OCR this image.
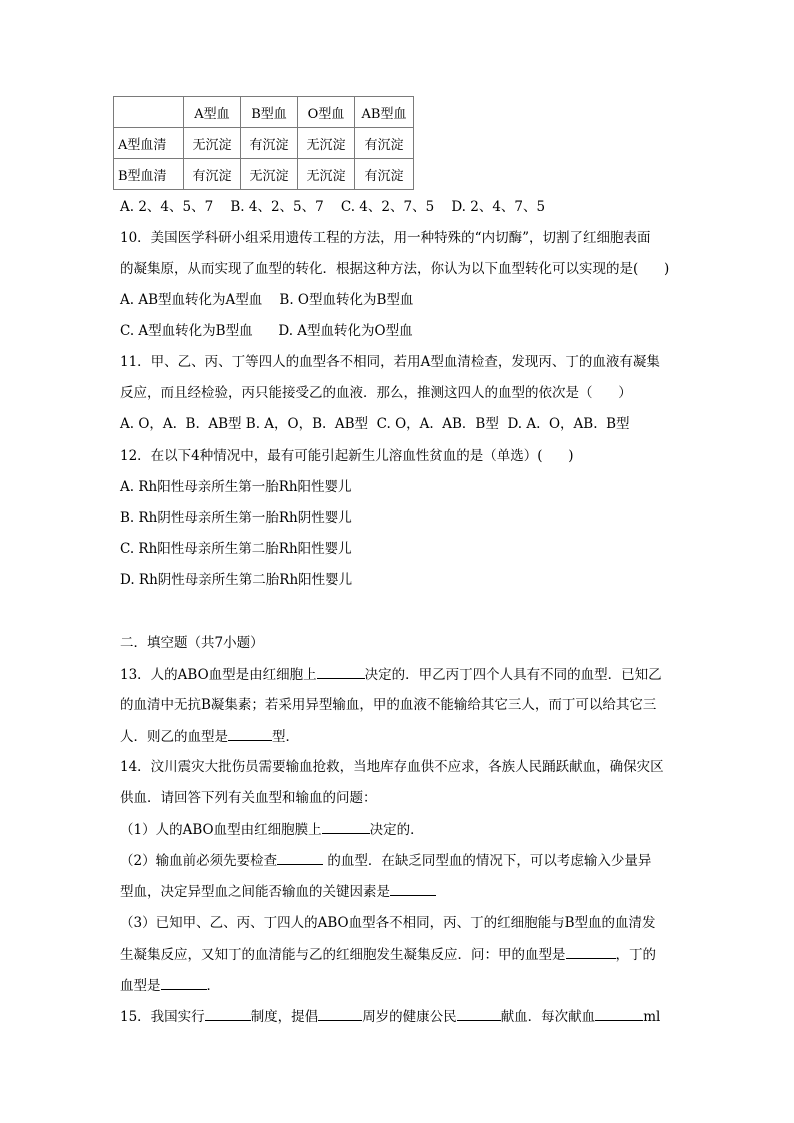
	A型血	B型血	O型血	AB型血
A型血清	无沉淀	有沉淀	无沉淀	有沉淀
B型血清	有沉淀	无沉淀	无沉淀	有沉淀
A. 2、4、5、7    B. 4、2、5、7    C. 4、2、7、5    D. 2、4、7、5
10．美国医学科研小组采用遗传工程的方法，用一种特殊的“内切酶”，切割了红细胞表面
的凝集原，从而实现了血型的转化．根据这种方法，你认为以下血型转化可以实现的是(      )
A. AB型血转化为A型血    B. O型血转化为B型血
C. A型血转化为B型血      D. A型血转化为O型血
11．甲、乙、丙、丁等四人的血型各不相同，若用A型血清检查，发现丙、丁的血液有凝集
反应，而且经检验，丙只能接受乙的血液．那么，推测这四人的血型的依次是（      ）
A. O，A.  B.  AB型 B. A，O，B.  AB型  C. O，A.  AB．B型  D. A.  O，AB.  B型
12．在以下4种情况中，最有可能引起新生儿溶血性贫血的是（单选）(      )
A. Rh阳性母亲所生第一胎Rh阳性婴儿
B. Rh阴性母亲所生第一胎Rh阴性婴儿
C. Rh阳性母亲所生第二胎Rh阳性婴儿
D. Rh阴性母亲所生第二胎Rh阳性婴儿
二．填空题（共7小题）
13．人的ABO血型是由红细胞上	决定的．甲乙丙丁四个人具有不同的血型．已知乙
的血清中无抗B凝集素；若采用异型输血，甲的血液不能输给其它三人，而丁可以给其它三
人．则乙的血型是	型．
14．汶川震灾大批伤员需要输血抢救，当地库存血供不应求，各族人民踊跃献血，确保灾区
供血．请回答下列有关血型和输血的问题：
（1）人的ABO血型由红细胞膜上	决定的．
（2）输血前必须先要检查	的血型．在缺乏同型血的情况下，可以考虑输入少量异
型血，决定异型血之间能否输血的关键因素是
（3）已知甲、乙、丙、丁四人的ABO血型各不相同，丙、丁的红细胞能与B型血的血清发
生凝集反应，又知丁的血清能与乙的红细胞发生凝集反应．问：甲的血型是	，丁的
血型是	．
15．我国实行	制度，提倡	周岁的健康公民	献血．每次献血	ml
